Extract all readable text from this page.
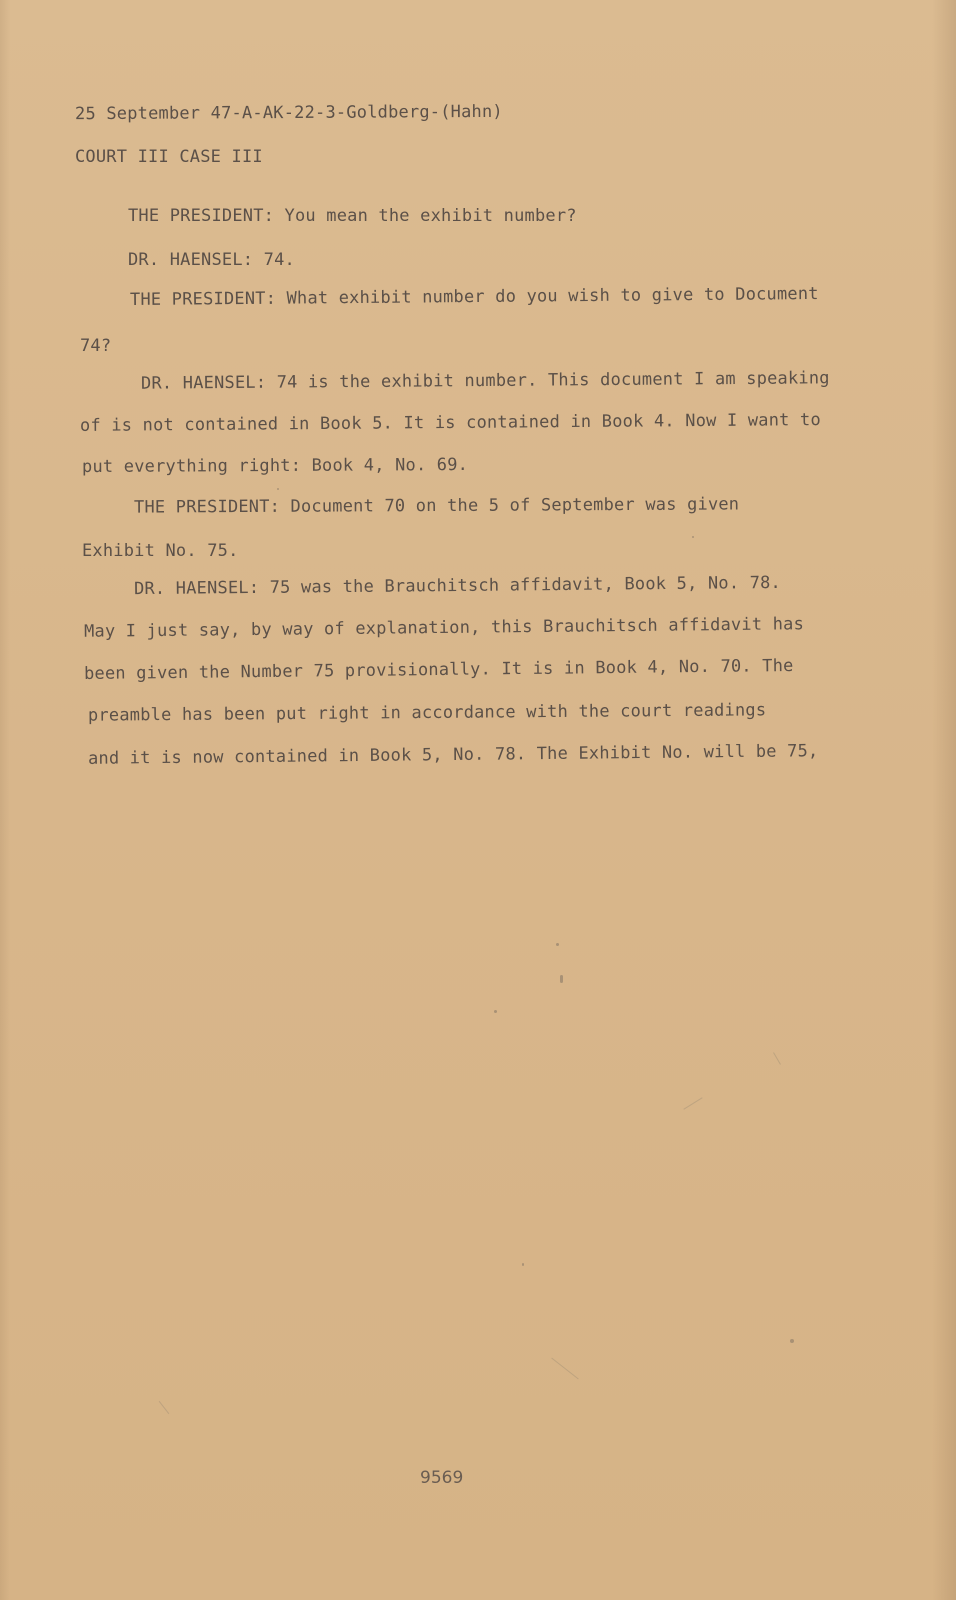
25 September 47-A-AK-22-3-Goldberg-(Hahn)
COURT III CASE III
THE PRESIDENT: You mean the exhibit number?
DR. HAENSEL: 74.
THE PRESIDENT: What exhibit number do you wish to give to Document
74?
DR. HAENSEL: 74 is the exhibit number. This document I am speaking
of is not contained in Book 5. It is contained in Book 4. Now I want to
put everything right: Book 4, No. 69.
THE PRESIDENT: Document 70 on the 5 of September was given
Exhibit No. 75.
DR. HAENSEL: 75 was the Brauchitsch affidavit, Book 5, No. 78.
May I just say, by way of explanation, this Brauchitsch affidavit has
been given the Number 75 provisionally. It is in Book 4, No. 70. The
preamble has been put right in accordance with the court readings
and it is now contained in Book 5, No. 78. The Exhibit No. will be 75,
9569
